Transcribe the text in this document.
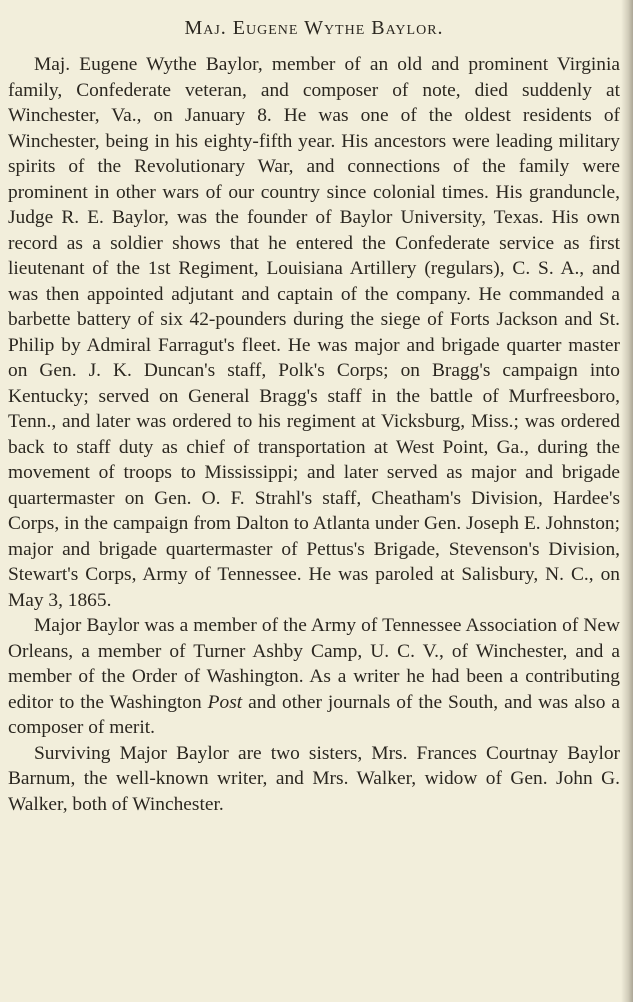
Maj. Eugene Wythe Baylor.

Maj. Eugene Wythe Baylor, member of an old and prominent Virginia family, Confederate veteran, and composer of note, died suddenly at Winchester, Va., on January 8. He was one of the oldest residents of Winchester, being in his eighty-fifth year. His ancestors were leading military spirits of the Revolutionary War, and connections of the family were prominent in other wars of our country since colonial times. His granduncle, Judge R. E. Baylor, was the founder of Baylor University, Texas. His own record as a soldier shows that he entered the Confederate service as first lieutenant of the 1st Regiment, Louisiana Artillery (regulars), C. S. A., and was then appointed adjutant and captain of the company. He commanded a barbette battery of six 42-pounders during the siege of Forts Jackson and St. Philip by Admiral Farragut's fleet. He was major and brigade quarter master on Gen. J. K. Duncan's staff, Polk's Corps; on Bragg's campaign into Kentucky; served on General Bragg's staff in the battle of Murfreesboro, Tenn., and later was ordered to his regiment at Vicksburg, Miss.; was ordered back to staff duty as chief of transportation at West Point, Ga., during the movement of troops to Mississippi; and later served as major and brigade quartermaster on Gen. O. F. Strahl's staff, Cheatham's Division, Hardee's Corps, in the campaign from Dalton to Atlanta under Gen. Joseph E. Johnston; major and brigade quartermaster of Pettus's Brigade, Stevenson's Division, Stewart's Corps, Army of Tennessee. He was paroled at Salisbury, N. C., on May 3, 1865.

Major Baylor was a member of the Army of Tennessee Association of New Orleans, a member of Turner Ashby Camp, U. C. V., of Winchester, and a member of the Order of Washington. As a writer he had been a contributing editor to the Washington Post and other journals of the South, and was also a composer of merit.

Surviving Major Baylor are two sisters, Mrs. Frances Courtnay Baylor Barnum, the well-known writer, and Mrs. Walker, widow of Gen. John G. Walker, both of Winchester.
